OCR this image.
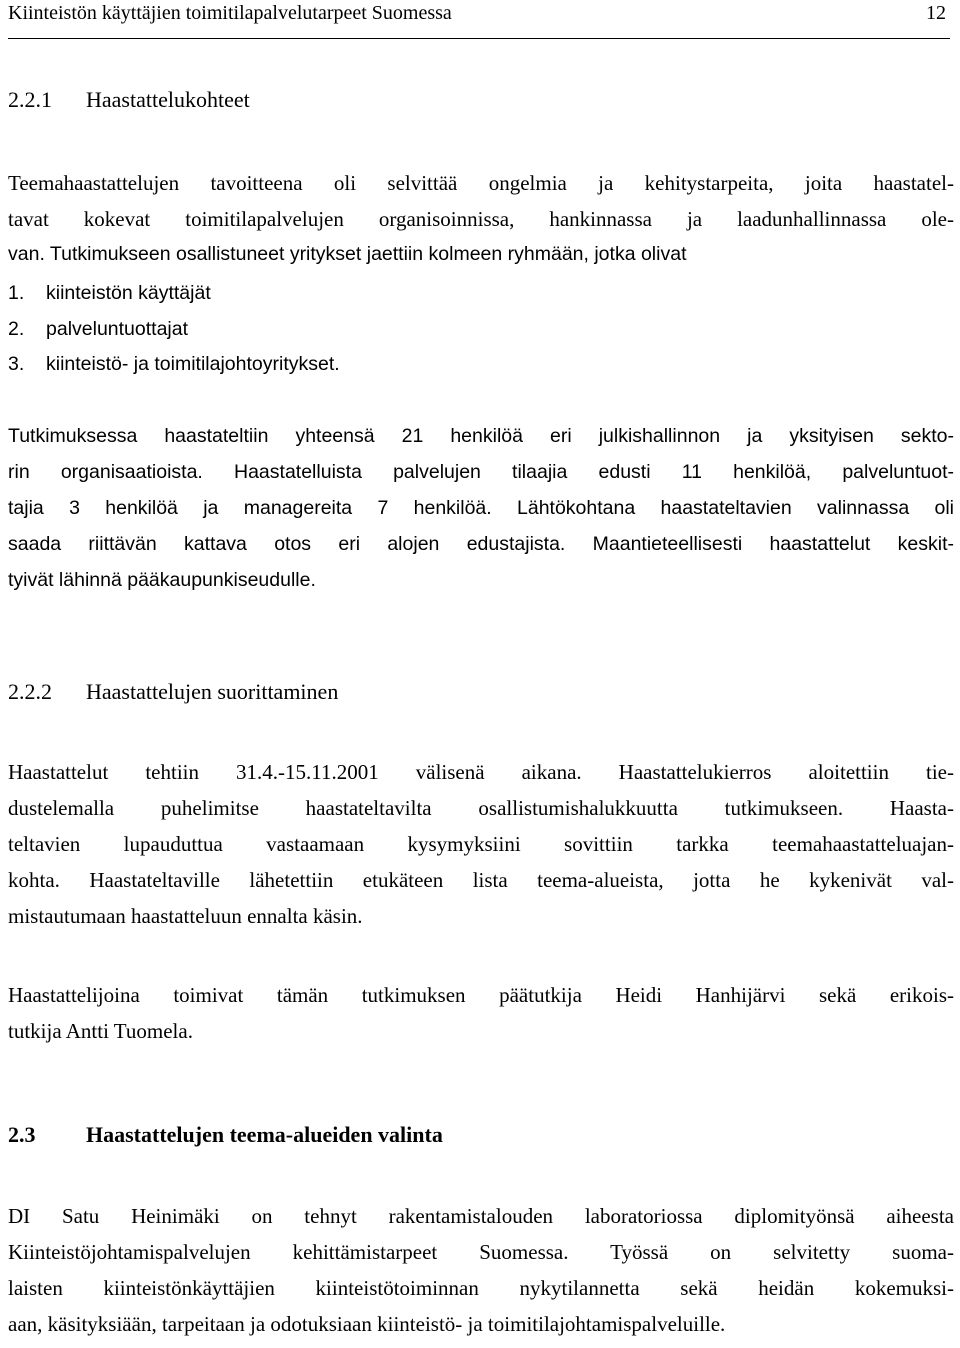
Kiinteistön käyttäjien toimitilapalvelutarpeet Suomessa	12
2.2.1 Haastattelukohteet
Teemahaastattelujen tavoitteena oli selvittää ongelmia ja kehitystarpeita, joita haastatel-
tavat kokevat toimitilapalvelujen organisoinnissa, hankinnassa ja laadunhallinnassa ole-
van. Tutkimukseen osallistuneet yritykset jaettiin kolmeen ryhmään, jotka olivat
1. kiinteistön käyttäjät
2. palveluntuottajat
3. kiinteistö- ja toimitilajohtoyritykset.
Tutkimuksessa haastateltiin yhteensä 21 henkilöä eri julkishallinnon ja yksityisen sekto-
rin organisaatioista. Haastatelluista palvelujen tilaajia edusti 11 henkilöä, palveluntuot-
tajia 3 henkilöä ja managereita 7 henkilöä. Lähtökohtana haastateltavien valinnassa oli
saada riittävän kattava otos eri alojen edustajista. Maantieteellisesti haastattelut keskit-
tyivät lähinnä pääkaupunkiseudulle.
2.2.2 Haastattelujen suorittaminen
Haastattelut tehtiin 31.4.-15.11.2001 välisenä aikana. Haastattelukierros aloitettiin tie-
dustelemalla puhelimitse haastateltavilta osallistumishalukkuutta tutkimukseen. Haasta-
teltavien lupauduttua vastaamaan kysymyksiini sovittiin tarkka teemahaastatteluajan-
kohta. Haastateltaville lähetettiin etukäteen lista teema-alueista, jotta he kykenivät val-
mistautumaan haastatteluun ennalta käsin.
Haastattelijoina toimivat tämän tutkimuksen päätutkija Heidi Hanhijärvi sekä erikois-
tutkija Antti Tuomela.
2.3 Haastattelujen teema-alueiden valinta
DI Satu Heinimäki on tehnyt rakentamistalouden laboratoriossa diplomityönsä aiheesta
Kiinteistöjohtamispalvelujen kehittämistarpeet Suomessa. Työssä on selvitetty suoma-
laisten kiinteistönkäyttäjien kiinteistötoiminnan nykytilannetta sekä heidän kokemuksi-
aan, käsityksiään, tarpeitaan ja odotuksiaan kiinteistö- ja toimitilajohtamispalveluille.
